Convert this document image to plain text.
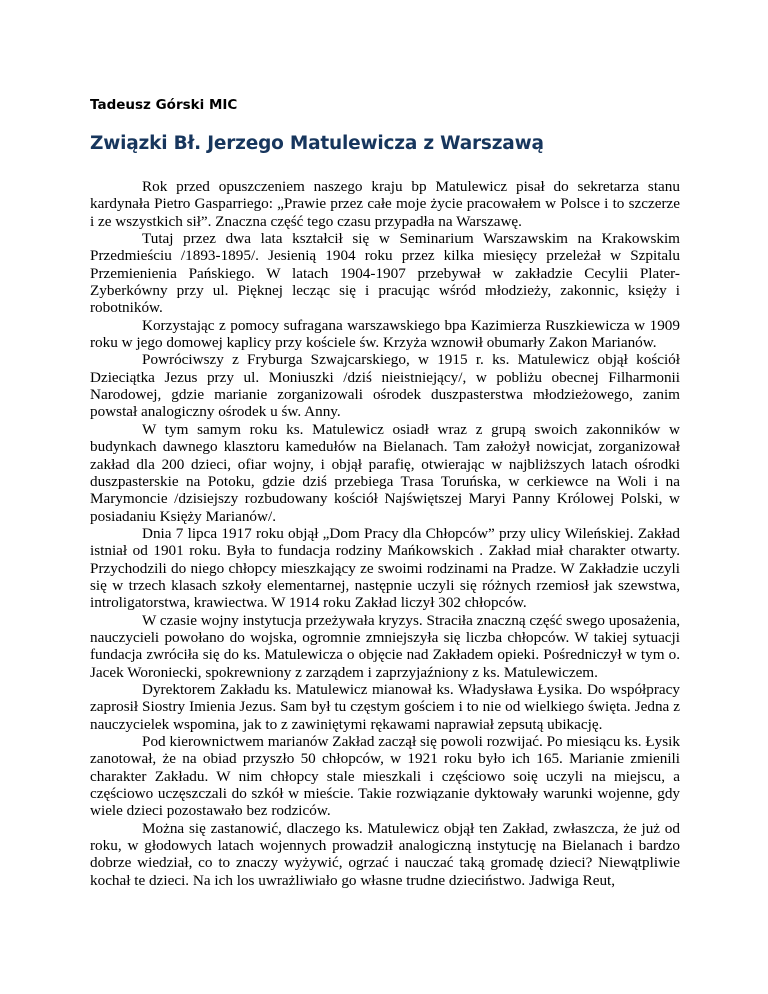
Tadeusz Górski MIC
Związki Bł. Jerzego Matulewicza z Warszawą

Rok przed opuszczeniem naszego kraju bp Matulewicz pisał do sekretarza stanu kardynała Pietro Gasparriego: „Prawie przez całe moje życie pracowałem w Polsce i to szczerze i ze wszystkich sił”. Znaczna część tego czasu przypadła na Warszawę.

Tutaj przez dwa lata kształcił się w Seminarium Warszawskim na Krakowskim Przedmieściu /1893-1895/. Jesienią 1904 roku przez kilka miesięcy przeleżał w Szpitalu Przemienienia Pańskiego. W latach 1904-1907 przebywał w zakładzie Cecylii Plater-Zyberkówny przy ul. Pięknej lecząc się i pracując wśród młodzieży, zakonnic, księży i robotników.

Korzystając z pomocy sufragana warszawskiego bpa Kazimierza Ruszkiewicza w 1909 roku w jego domowej kaplicy przy kościele św. Krzyża wznowił obumarły Zakon Marianów.

Powróciwszy z Fryburga Szwajcarskiego, w 1915 r. ks. Matulewicz objął kościół Dzieciątka Jezus przy ul. Moniuszki /dziś nieistniejący/, w pobliżu obecnej Filharmonii Narodowej, gdzie marianie zorganizowali ośrodek duszpasterstwa młodzieżowego, zanim powstał analogiczny ośrodek u św. Anny.

W tym samym roku ks. Matulewicz osiadł wraz z grupą swoich zakonników w budynkach dawnego klasztoru kamedułów na Bielanach. Tam założył nowicjat, zorganizował zakład dla 200 dzieci, ofiar wojny, i objął parafię, otwierając w najbliższych latach ośrodki duszpasterskie na Potoku, gdzie dziś przebiega Trasa Toruńska, w cerkiewce na Woli i na Marymoncie /dzisiejszy rozbudowany kościół Najświętszej Maryi Panny Królowej Polski, w posiadaniu Księży Marianów/.

Dnia 7 lipca 1917 roku objął „Dom Pracy dla Chłopców” przy ulicy Wileńskiej. Zakład istniał od 1901 roku. Była to fundacja rodziny Mańkowskich . Zakład miał charakter otwarty. Przychodzili do niego chłopcy mieszkający ze swoimi rodzinami na Pradze. W Zakładzie uczyli się w trzech klasach szkoły elementarnej, następnie uczyli się różnych rzemiosł jak szewstwa, introligatorstwa, krawiectwa. W 1914 roku Zakład liczył 302 chłopców.

W czasie wojny instytucja przeżywała kryzys. Straciła znaczną część swego uposażenia, nauczycieli powołano do wojska, ogromnie zmniejszyła się liczba chłopców. W takiej sytuacji fundacja zwróciła się do ks. Matulewicza o objęcie nad Zakładem opieki. Pośredniczył w tym o. Jacek Woroniecki, spokrewniony z zarządem i zaprzyjaźniony z ks. Matulewiczem.

Dyrektorem Zakładu ks. Matulewicz mianował ks. Władysława Łysika. Do współpracy zaprosił Siostry Imienia Jezus. Sam był tu częstym gościem i to nie od wielkiego święta. Jedna z nauczycielek wspomina, jak to z zawiniętymi rękawami naprawiał zepsutą ubikację.

Pod kierownictwem marianów Zakład zaczął się powoli rozwijać. Po miesiącu ks. Łysik zanotował, że na obiad przyszło 50 chłopców, w 1921 roku było ich 165. Marianie zmienili charakter Zakładu. W nim chłopcy stale mieszkali i częściowo soię uczyli na miejscu, a częściowo uczęszczali do szkół w mieście. Takie rozwiązanie dyktowały warunki wojenne, gdy wiele dzieci pozostawało bez rodziców.

Można się zastanowić, dlaczego ks. Matulewicz objął ten Zakład, zwłaszcza, że już od roku, w głodowych latach wojennych prowadził analogiczną instytucję na Bielanach i bardzo dobrze wiedział, co to znaczy wyżywić, ogrzać i nauczać taką gromadę dzieci? Niewątpliwie kochał te dzieci. Na ich los uwrażliwiało go własne trudne dzieciństwo. Jadwiga Reut,
